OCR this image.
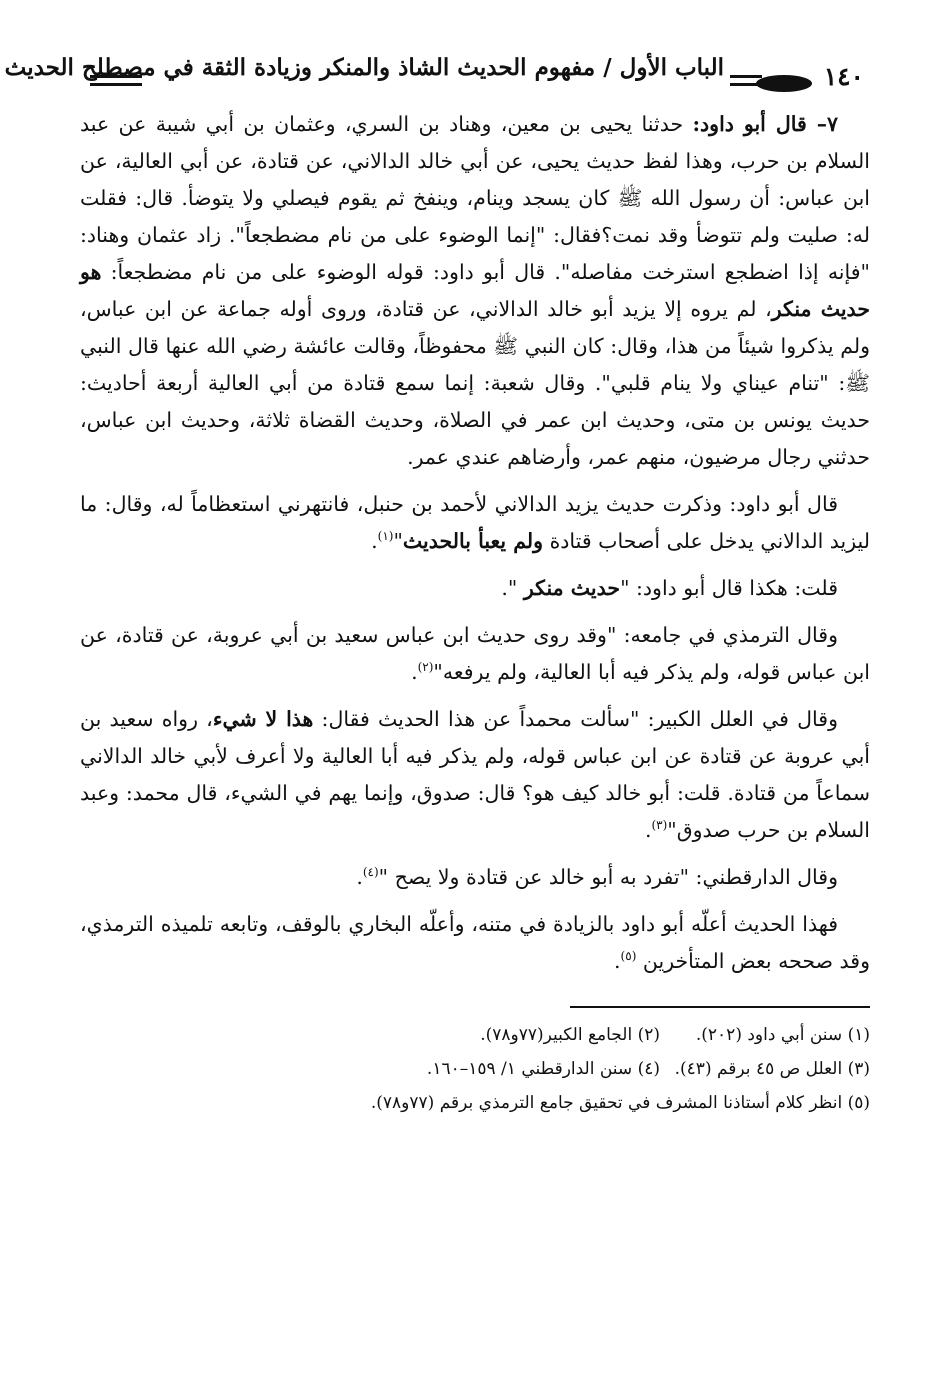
١٤٠
الباب الأول / مفهوم الحديث الشاذ والمنكر وزيادة الثقة في مصطلح الحديث

٧– قال أبو داود: حدثنا يحيى بن معين، وهناد بن السري، وعثمان بن أبي شيبة عن عبد السلام بن حرب، وهذا لفظ حديث يحيى، عن أبي خالد الدالاني، عن قتادة، عن أبي العالية، عن ابن عباس: أن رسول الله ﷺ كان يسجد وينام، وينفخ ثم يقوم فيصلي ولا يتوضأ. قال: فقلت له: صليت ولم تتوضأ وقد نمت؟فقال: "إنما الوضوء على من نام مضطجعاً". زاد عثمان وهناد: "فإنه إذا اضطجع استرخت مفاصله". قال أبو داود: قوله الوضوء على من نام مضطجعاً: هو حديث منكر، لم يروه إلا يزيد أبو خالد الدالاني، عن قتادة، وروى أوله جماعة عن ابن عباس، ولم يذكروا شيئاً من هذا، وقال: كان النبي ﷺ محفوظاً، وقالت عائشة رضي الله عنها قال النبي ﷺ: "تنام عيناي ولا ينام قلبي". وقال شعبة: إنما سمع قتادة من أبي العالية أربعة أحاديث: حديث يونس بن متى، وحديث ابن عمر في الصلاة، وحديث القضاة ثلاثة، وحديث ابن عباس، حدثني رجال مرضيون، منهم عمر، وأرضاهم عندي عمر.

قال أبو داود: وذكرت حديث يزيد الدالاني لأحمد بن حنبل، فانتهرني استعظاماً له، وقال: ما ليزيد الدالاني يدخل على أصحاب قتادة ولم يعبأ بالحديث"$^{(١)}$.

قلت: هكذا قال أبو داود: "حديث منكر ".

وقال الترمذي في جامعه: "وقد روى حديث ابن عباس سعيد بن أبي عروبة، عن قتادة، عن ابن عباس قوله، ولم يذكر فيه أبا العالية، ولم يرفعه"$^{(٢)}$.

وقال في العلل الكبير: "سألت محمداً عن هذا الحديث فقال: هذا لا شيء، رواه سعيد بن أبي عروبة عن قتادة عن ابن عباس قوله، ولم يذكر فيه أبا العالية ولا أعرف لأبي خالد الدالاني سماعاً من قتادة. قلت: أبو خالد كيف هو؟ قال: صدوق، وإنما يهم في الشيء، قال محمد: وعبد السلام بن حرب صدوق"$^{(٣)}$.

وقال الدارقطني: "تفرد به أبو خالد عن قتادة ولا يصح "$^{(٤)}$.

فهذا الحديث أعلّه أبو داود بالزيادة في متنه، وأعلّه البخاري بالوقف، وتابعه تلميذه الترمذي، وقد صححه بعض المتأخرين $^{(٥)}$.

(١) سنن أبي داود (٢٠٢).
(٢) الجامع الكبير(٧٧و٧٨).
(٣) العلل ص ٤٥ برقم (٤٣).
(٤) سنن الدارقطني ١/ ١٥٩–١٦٠.
(٥) انظر كلام أستاذنا المشرف في تحقيق جامع الترمذي برقم (٧٧و٧٨).
